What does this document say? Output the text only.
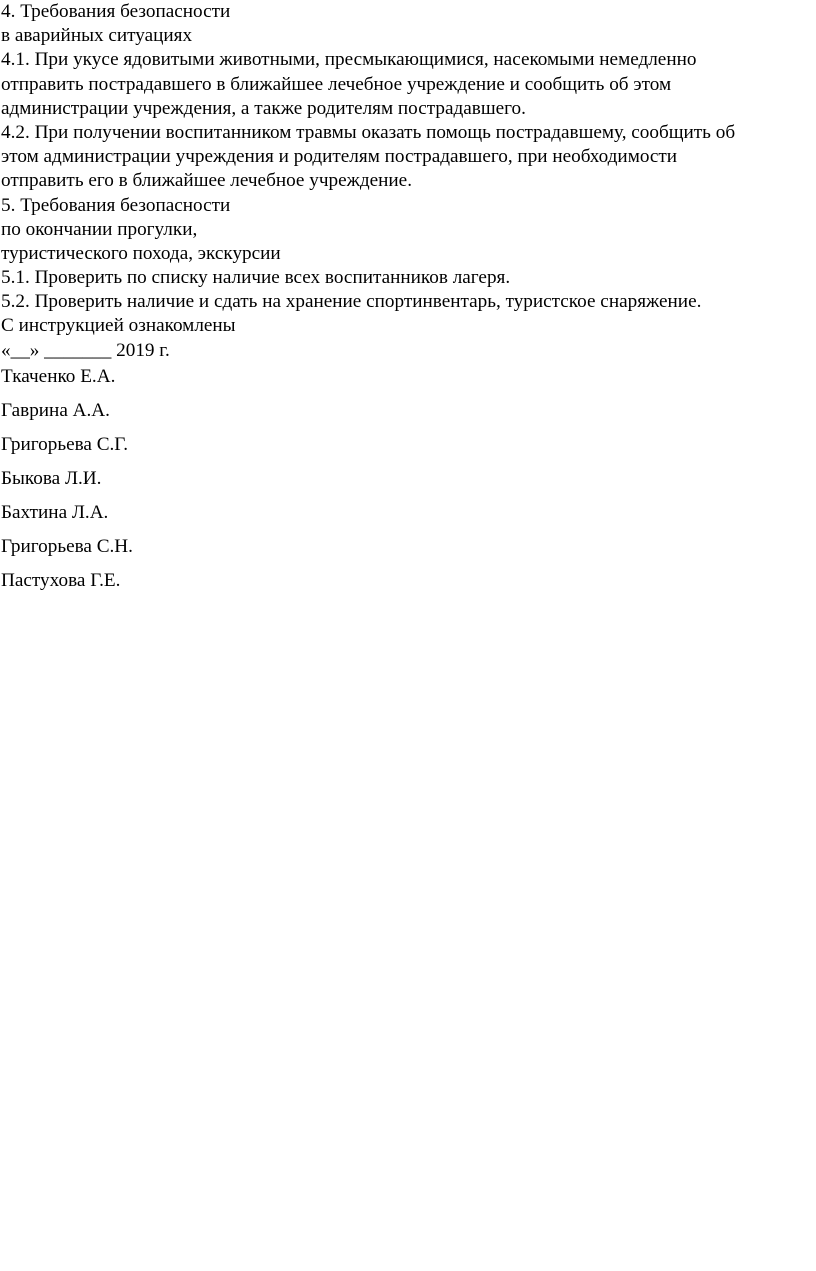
4. Требования безопасности
в аварийных ситуациях
4.1. При укусе ядовитыми животными, пресмыкающимися, насекомыми немедленно
отправить пострадавшего в ближайшее лечебное учреждение и сообщить об этом
администрации учреждения, а также родителям пострадавшего.
4.2. При получении воспитанником травмы оказать помощь пострадавшему, сообщить об
этом администрации учреждения и родителям пострадавшего, при необходимости
отправить его в ближайшее лечебное учреждение.
5. Требования безопасности
по окончании прогулки,
туристического похода, экскурсии
5.1. Проверить по списку наличие всех воспитанников лагеря.
5.2. Проверить наличие и сдать на хранение спортинвентарь, туристское снаряжение.
С инструкцией ознакомлены
«__» _______ 2019 г.
Ткаченко Е.А.
Гаврина А.А.
Григорьева С.Г.
Быкова Л.И.
Бахтина Л.А.
Григорьева С.Н.
Пастухова Г.Е.
